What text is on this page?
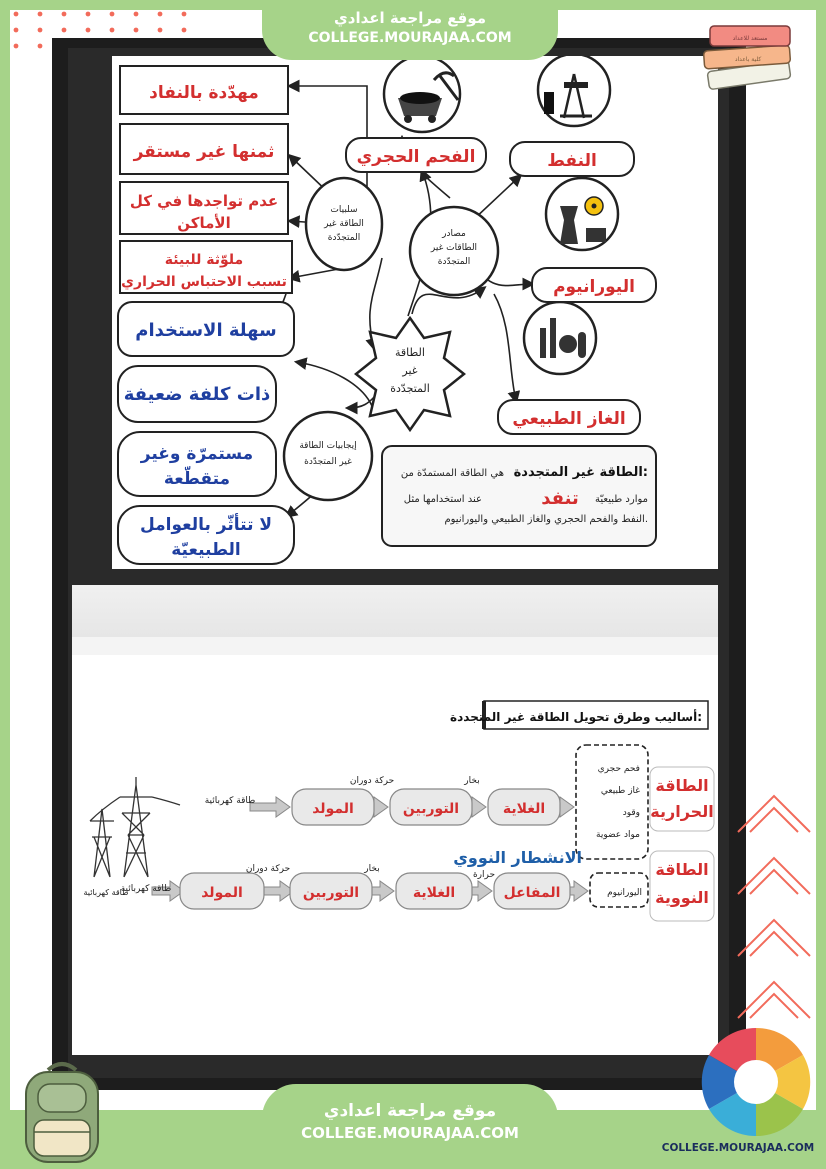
مهدّدة بالنفاد
ثمنها غير مستقر
عدم تواجدها في كل
الأماكن
ملوّثة للبيئة
تسبب الاحتباس الحراري
سهلة الاستخدام
ذات كلفة ضعيفة
مستمرّة وغير
متقطّعة
لا تتأثّر بالعوامل
الطبيعيّة
سلبيات
الطاقة غير
المتجدّدة	مصادر
الطاقات غير
المتجدّدة
إيجابيات الطاقة
غير المتجدّدة
الطاقة
غير
المتجدّدة
الفحم الحجري	النفط
اليورانيوم
الغاز الطبيعي
الطاقة غير المتجددة:
هي الطاقة المستمدّة من
موارد طبيعيّة
تنفد
عند استخدامها مثل
النفط والفحم الحجري والغاز الطبيعي واليورانيوم.
أساليب وطرق تحويل الطاقة غير المتجددة:
الطاقة
الحرارية
الطاقة
النووية
فحم حجري
غاز طبيعي
وقود
مواد عضوية
اليورانيوم
الانشطار النووي
الغلاية
التوربين
المولد
بخار
حركة دوران
طاقة كهربائية
المفاعل
الغلاية
التوربين
المولد
حرارة
بخار
حركة دوران
طاقة كهربائية
طاقة كهربائية
موقع مراجعة اعدادي
COLLEGE.MOURAJAA.COM
موقع مراجعة اعدادي
COLLEGE.MOURAJAA.COM
مستعد للاعداد
كلية باعداد
COLLEGE.MOURAJAA.COM
